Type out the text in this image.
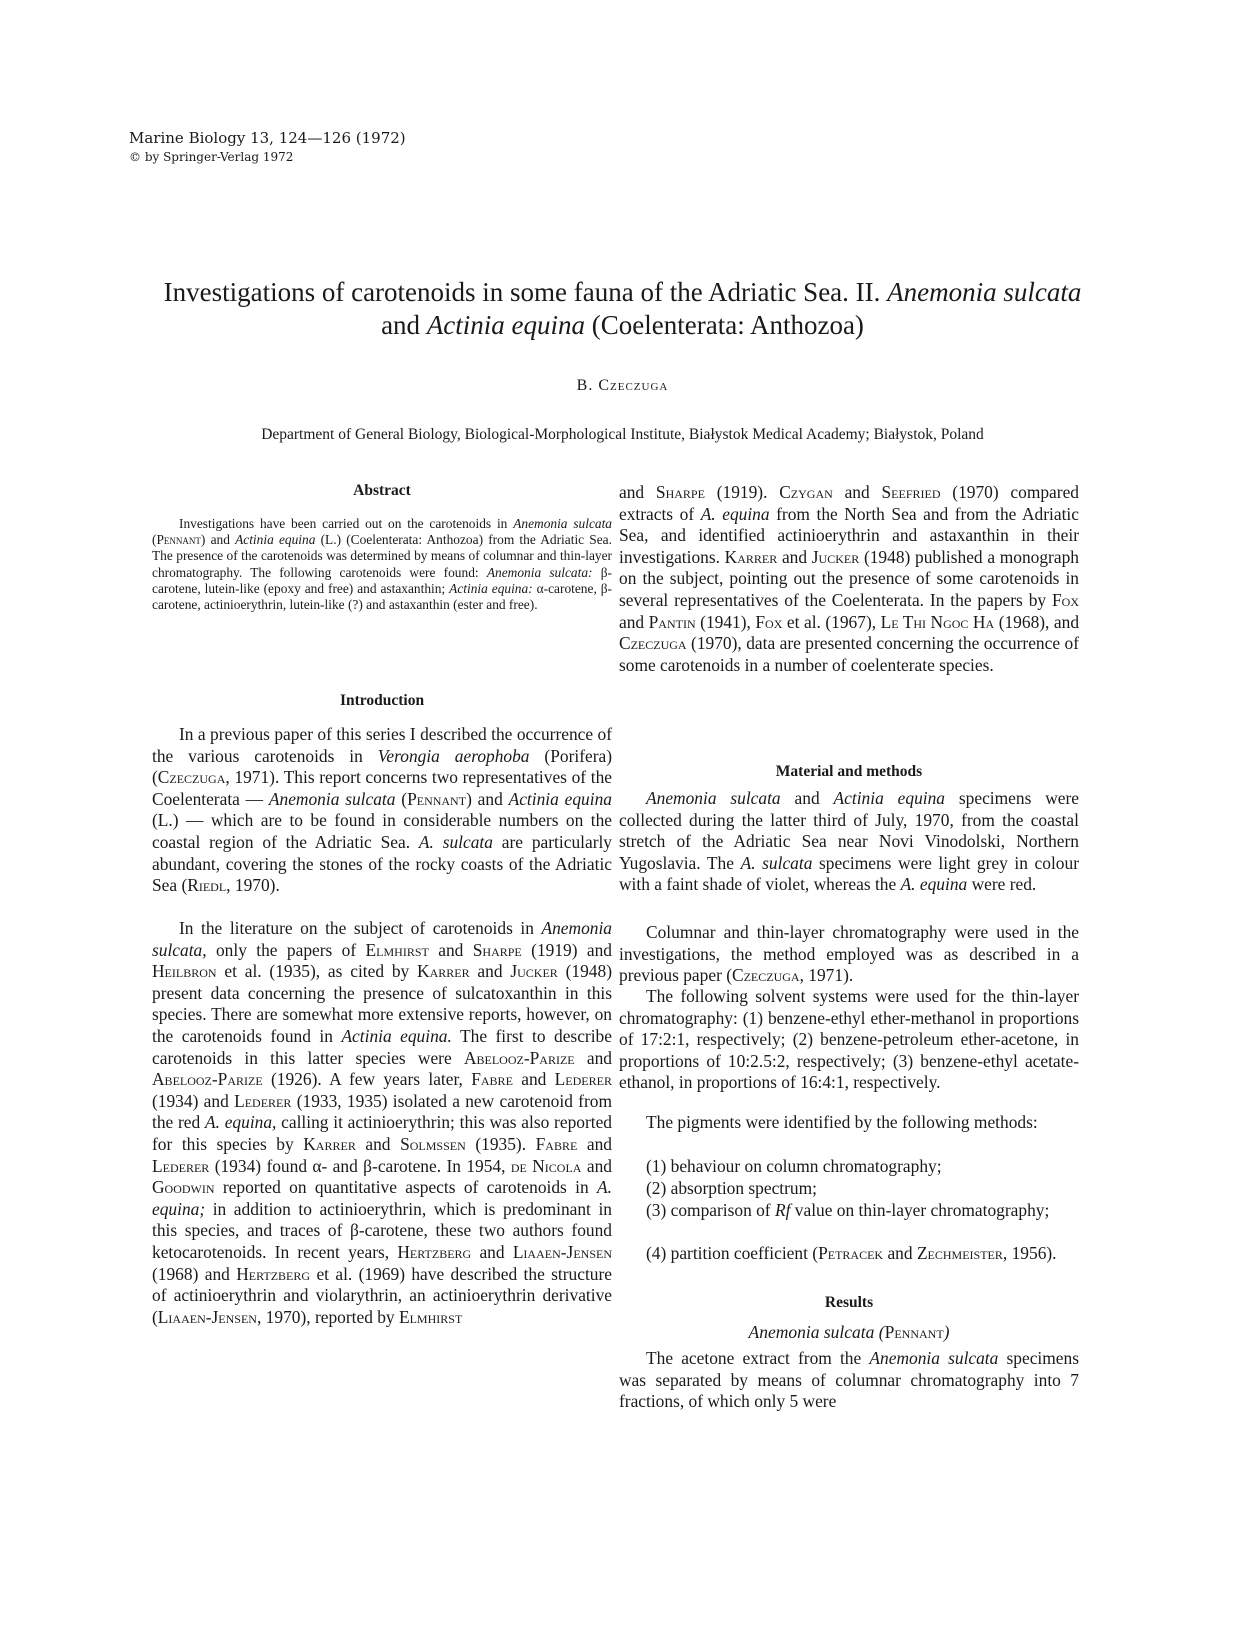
Marine Biology 13, 124—126 (1972)
© by Springer-Verlag 1972
Investigations of carotenoids in some fauna of the Adriatic Sea. II. Anemonia sulcata
and Actinia equina (Coelenterata: Anthozoa)
B. Czeczuga
Department of General Biology, Biological-Morphological Institute, Białystok Medical Academy; Białystok, Poland
Abstract

Investigations have been carried out on the carotenoids in Anemonia sulcata (Pennant) and Actinia equina (L.) (Coelenterata: Anthozoa) from the Adriatic Sea. The presence of the carotenoids was determined by means of columnar and thin-layer chromatography. The following carotenoids were found: Anemonia sulcata: β-carotene, lutein-like (epoxy and free) and astaxanthin; Actinia equina: α-carotene, β-carotene, actinioerythrin, lutein-like (?) and astaxanthin (ester and free).

Introduction

In a previous paper of this series I described the occurrence of the various carotenoids in Verongia aerophoba (Porifera) (Czeczuga, 1971). This report concerns two representatives of the Coelenterata — Anemonia sulcata (Pennant) and Actinia equina (L.) — which are to be found in considerable numbers on the coastal region of the Adriatic Sea. A. sulcata are particularly abundant, covering the stones of the rocky coasts of the Adriatic Sea (Riedl, 1970).

In the literature on the subject of carotenoids in Anemonia sulcata, only the papers of Elmhirst and Sharpe (1919) and Heilbron et al. (1935), as cited by Karrer and Jucker (1948) present data concerning the presence of sulcatoxanthin in this species. There are somewhat more extensive reports, however, on the carotenoids found in Actinia equina. The first to describe carotenoids in this latter species were Abelooz-Parize and Abelooz-Parize (1926). A few years later, Fabre and Lederer (1934) and Lederer (1933, 1935) isolated a new carotenoid from the red A. equina, calling it actinioerythrin; this was also reported for this species by Karrer and Solmssen (1935). Fabre and Lederer (1934) found α- and β-carotene. In 1954, de Nicola and Goodwin reported on quantitative aspects of carotenoids in A. equina; in addition to actinioerythrin, which is predominant in this species, and traces of β-carotene, these two authors found ketocarotenoids. In recent years, Hertzberg and Liaaen-Jensen (1968) and Hertzberg et al. (1969) have described the structure of actinioerythrin and violarythrin, an actinioerythrin derivative (Liaaen-Jensen, 1970), reported by Elmhirst

and Sharpe (1919). Czygan and Seefried (1970) compared extracts of A. equina from the North Sea and from the Adriatic Sea, and identified actinioerythrin and astaxanthin in their investigations. Karrer and Jucker (1948) published a monograph on the subject, pointing out the presence of some carotenoids in several representatives of the Coelenterata. In the papers by Fox and Pantin (1941), Fox et al. (1967), Le Thi Ngoc Ha (1968), and Czeczuga (1970), data are presented concerning the occurrence of some carotenoids in a number of coelenterate species.

Material and methods

Anemonia sulcata and Actinia equina specimens were collected during the latter third of July, 1970, from the coastal stretch of the Adriatic Sea near Novi Vinodolski, Northern Yugoslavia. The A. sulcata specimens were light grey in colour with a faint shade of violet, whereas the A. equina were red.

Columnar and thin-layer chromatography were used in the investigations, the method employed was as described in a previous paper (Czeczuga, 1971).

The following solvent systems were used for the thin-layer chromatography: (1) benzene-ethyl ether-methanol in proportions of 17:2:1, respectively; (2) benzene-petroleum ether-acetone, in proportions of 10:2.5:2, respectively; (3) benzene-ethyl acetate-ethanol, in proportions of 16:4:1, respectively.

The pigments were identified by the following methods:

(1) behaviour on column chromatography;

(2) absorption spectrum;

(3) comparison of Rf value on thin-layer chromatography;

(4) partition coefficient (Petracek and Zechmeister, 1956).

Results
Anemonia sulcata (Pennant)

The acetone extract from the Anemonia sulcata specimens was separated by means of columnar chromatography into 7 fractions, of which only 5 were
